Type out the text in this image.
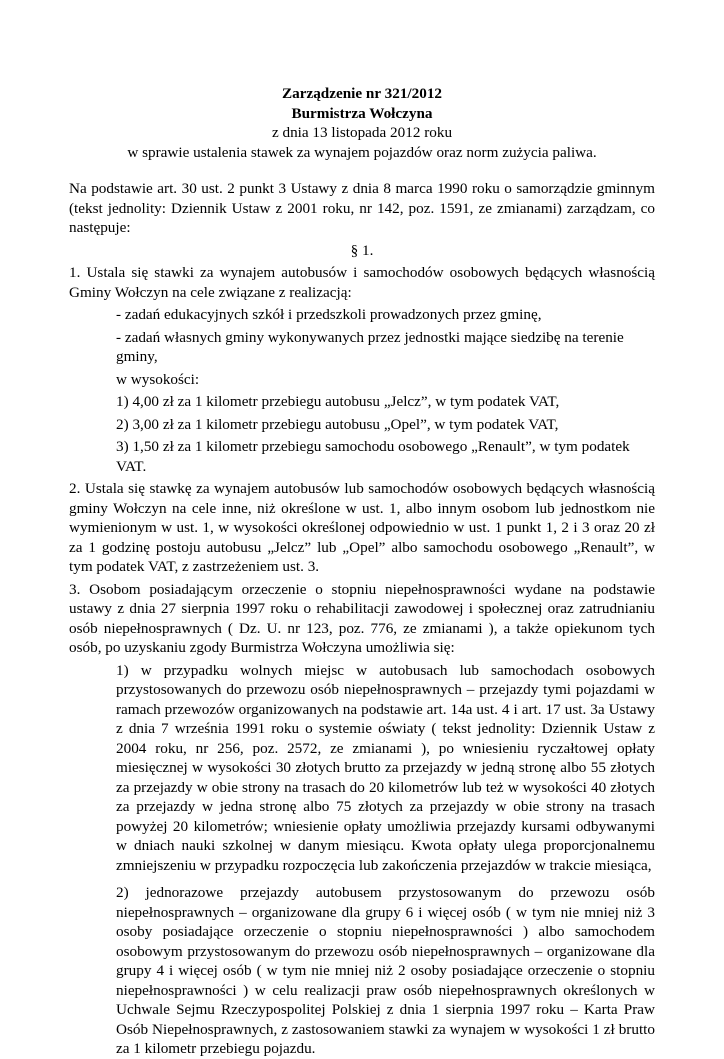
Zarządzenie nr 321/2012

Burmistrza Wołczyna

z dnia 13 listopada 2012 roku

w sprawie ustalenia stawek za wynajem pojazdów oraz norm zużycia paliwa.

Na podstawie art. 30 ust. 2 punkt 3 Ustawy z dnia 8 marca 1990 roku o samorządzie gminnym (tekst jednolity: Dziennik Ustaw z 2001 roku, nr 142, poz. 1591, ze zmianami) zarządzam, co następuje:

§ 1.

1. Ustala się stawki za wynajem autobusów i samochodów osobowych będących własnością Gminy Wołczyn na cele związane z realizacją:

- zadań edukacyjnych szkół i przedszkoli prowadzonych przez gminę,

- zadań własnych gminy wykonywanych przez jednostki mające siedzibę na terenie gminy,

w wysokości:

1) 4,00 zł za 1 kilometr przebiegu autobusu „Jelcz”, w tym podatek VAT,

2) 3,00 zł za 1 kilometr przebiegu autobusu „Opel”, w tym podatek VAT,

3) 1,50 zł za 1 kilometr przebiegu samochodu osobowego „Renault”, w tym podatek VAT.

2. Ustala się stawkę za wynajem autobusów lub samochodów osobowych będących własnością gminy Wołczyn na cele inne, niż określone w ust. 1, albo innym osobom lub jednostkom nie wymienionym w ust. 1, w wysokości określonej odpowiednio w ust. 1 punkt 1, 2 i 3 oraz 20 zł za 1 godzinę postoju autobusu „Jelcz” lub „Opel” albo samochodu osobowego „Renault”, w tym podatek VAT, z zastrzeżeniem ust. 3.

3. Osobom posiadającym orzeczenie o stopniu niepełnosprawności wydane na podstawie ustawy z dnia 27 sierpnia 1997 roku o rehabilitacji zawodowej i społecznej oraz zatrudnianiu osób niepełnosprawnych ( Dz. U. nr 123, poz. 776, ze zmianami ), a także opiekunom tych osób, po uzyskaniu zgody Burmistrza Wołczyna umożliwia się:

1) w przypadku wolnych miejsc w autobusach lub samochodach osobowych przystosowanych do przewozu osób niepełnosprawnych – przejazdy tymi pojazdami w ramach przewozów organizowanych na podstawie art. 14a ust. 4 i art. 17 ust. 3a Ustawy z dnia 7 września 1991 roku o systemie oświaty ( tekst jednolity: Dziennik Ustaw z 2004 roku, nr 256, poz. 2572, ze zmianami ), po wniesieniu ryczałtowej opłaty miesięcznej w wysokości 30 złotych brutto za przejazdy w jedną stronę albo 55 złotych za przejazdy w obie strony na trasach do 20 kilometrów lub też w wysokości 40 złotych za przejazdy w jedna stronę albo 75 złotych za przejazdy w obie strony na trasach powyżej 20 kilometrów; wniesienie opłaty umożliwia przejazdy kursami odbywanymi w dniach nauki szkolnej w danym miesiącu. Kwota opłaty ulega proporcjonalnemu zmniejszeniu w przypadku rozpoczęcia lub zakończenia przejazdów w trakcie miesiąca,

2) jednorazowe przejazdy autobusem przystosowanym do przewozu osób niepełnosprawnych – organizowane dla grupy 6 i więcej osób ( w tym nie mniej niż 3 osoby posiadające orzeczenie o stopniu niepełnosprawności ) albo samochodem osobowym przystosowanym do przewozu osób niepełnosprawnych – organizowane dla grupy 4 i więcej osób ( w tym nie mniej niż 2 osoby posiadające orzeczenie o stopniu niepełnosprawności ) w celu realizacji praw osób niepełnosprawnych określonych w Uchwale Sejmu Rzeczypospolitej Polskiej z dnia 1 sierpnia 1997 roku – Karta Praw Osób Niepełnosprawnych, z zastosowaniem stawki za wynajem w wysokości 1 zł brutto za 1 kilometr przebiegu pojazdu.
